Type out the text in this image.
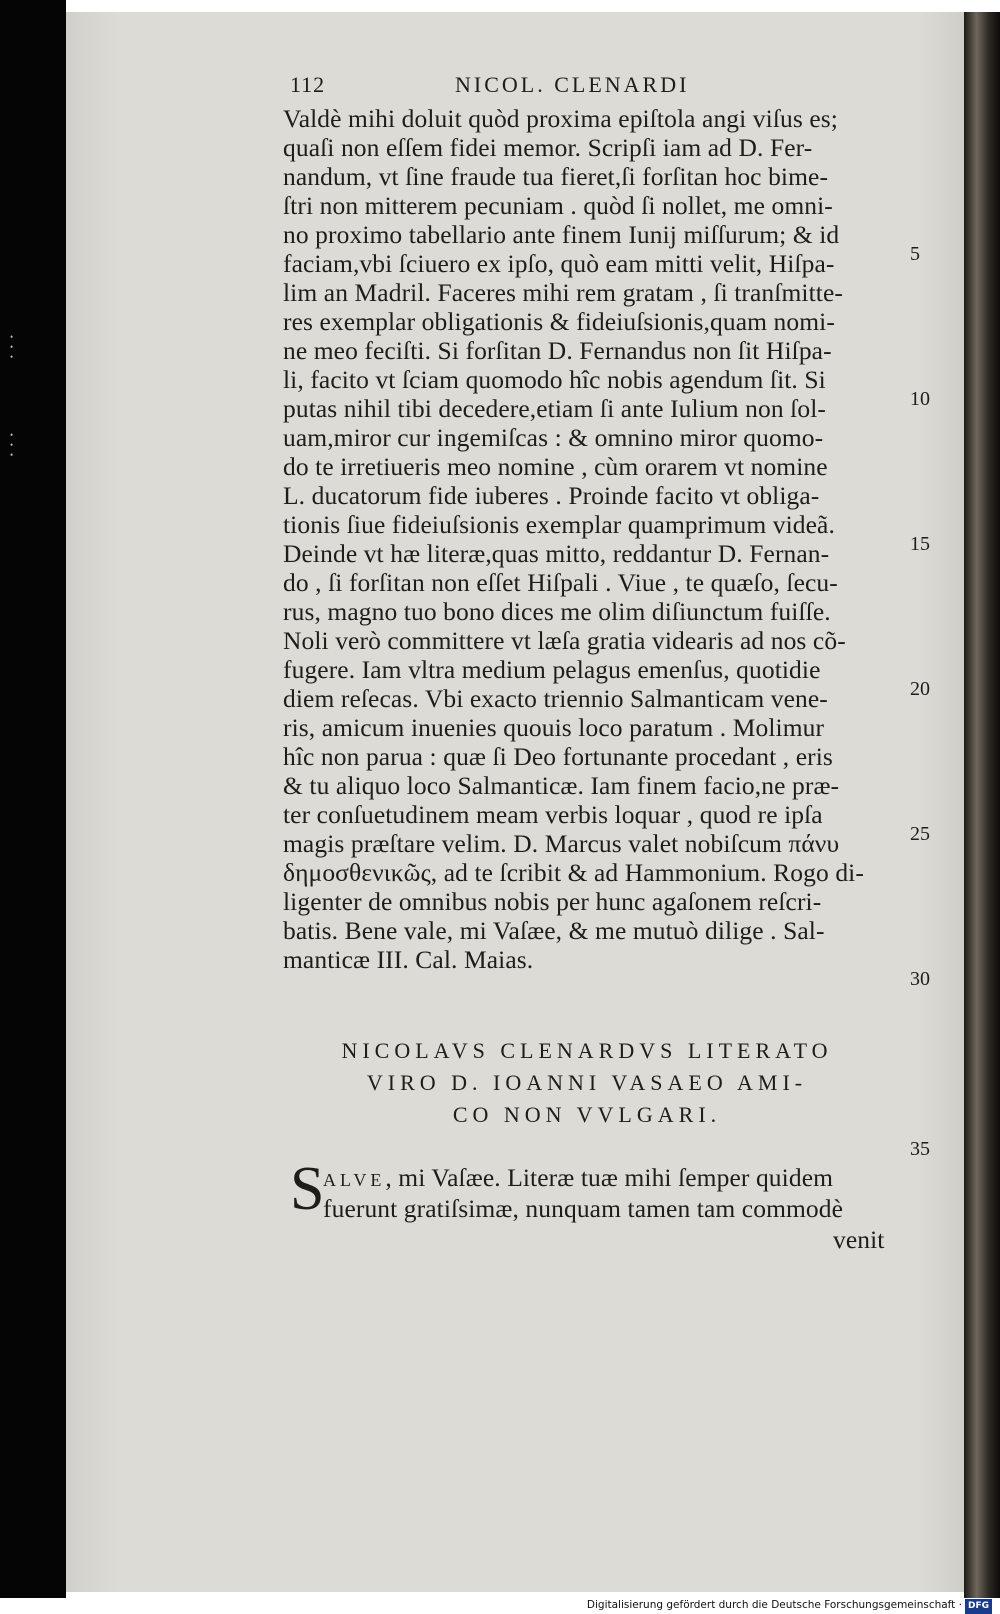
• • •
• • •
112	NICOL. CLENARDI
Valdè mihi doluit quòd proxima epiſtola angi viſus es;
quaſi non eſſem fidei memor. Scripſi iam ad D. Fer-
nandum, vt ſine fraude tua fieret,ſi forſitan hoc bime-
ſtri non mitterem pecuniam . quòd ſi nollet, me omni-
no proximo tabellario ante finem Iunij miſſurum; & id
faciam,vbi ſciuero ex ipſo, quò eam mitti velit, Hiſpa-
lim an Madril. Faceres mihi rem gratam , ſi tranſmitte-
res exemplar obligationis & fideiuſsionis,quam nomi-
ne meo feciſti. Si forſitan D. Fernandus non ſit Hiſpa-
li, facito vt ſciam quomodo hîc nobis agendum ſit. Si
putas nihil tibi decedere,etiam ſi ante Iulium non ſol-
uam,miror cur ingemiſcas : & omnino miror quomo-
do te irretiueris meo nomine , cùm orarem vt nomine
L. ducatorum fide iuberes . Proinde facito vt obliga-
tionis ſiue fideiuſsionis exemplar quamprimum videã.
Deinde vt hæ literæ,quas mitto, reddantur D. Fernan-
do , ſi forſitan non eſſet Hiſpali . Viue , te quæſo, ſecu-
rus, magno tuo bono dices me olim diſiunctum fuiſſe.
Noli verò committere vt læſa gratia videaris ad nos cõ-
fugere. Iam vltra medium pelagus emenſus, quotidie
diem reſecas. Vbi exacto triennio Salmanticam vene-
ris, amicum inuenies quouis loco paratum . Molimur
hîc non parua : quæ ſi Deo fortunante procedant , eris
& tu aliquo loco Salmanticæ. Iam finem facio,ne præ-
ter conſuetudinem meam verbis loquar , quod re ipſa
magis præſtare velim. D. Marcus valet nobiſcum πάνυ
δημοσθενικῶς, ad te ſcribit & ad Hammonium. Rogo di-
ligenter de omnibus nobis per hunc agaſonem reſcri-
batis. Bene vale, mi Vaſæe, & me mutuò dilige . Sal-
manticæ III. Cal. Maias.
5
10
15
20
25
30
35
NICOLAVS CLENARDVS LITERATO
VIRO D. IOANNI VASAEO AMI-
CO NON VVLGARI.
S
ALVE, mi Vaſæe. Literæ tuæ mihi ſemper quidem
fuerunt gratiſsimæ, nunquam tamen tam commodè
venit
Digitalisierung gefördert durch die Deutsche Forschungsgemeinschaft · DFG
